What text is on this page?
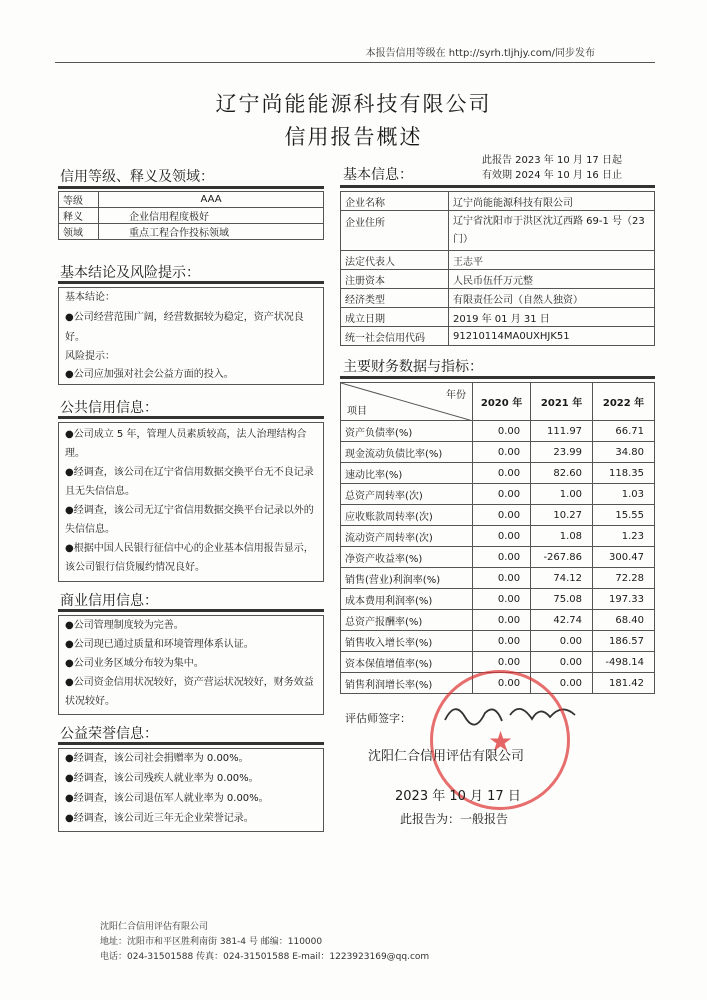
本报告信用等级在 http://syrh.tljhjy.com/同步发布
辽宁尚能能源科技有限公司
信用报告概述
信用等级、释义及领域：
等级	AAA
释义	企业信用程度极好
领域	重点工程合作投标领域
基本结论及风险提示：
基本结论：
●公司经营范围广阔，经营数据较为稳定，资产状况良好。
风险提示：
●公司应加强对社会公益方面的投入。
公共信用信息：
●公司成立 5 年，管理人员素质较高，法人治理结构合理。
●经调查，该公司在辽宁省信用数据交换平台无不良记录且无失信信息。
●经调查，该公司无辽宁省信用数据交换平台记录以外的失信信息。
●根据中国人民银行征信中心的企业基本信用报告显示，该公司银行信贷履约情况良好。
商业信用信息：
●公司管理制度较为完善。
●公司现已通过质量和环境管理体系认证。
●公司业务区域分布较为集中。
●公司资金信用状况较好，资产营运状况较好，财务效益状况较好。
公益荣誉信息：
●经调查，该公司社会捐赠率为 0.00%。
●经调查，该公司残疾人就业率为 0.00%。
●经调查，该公司退伍军人就业率为 0.00%。
●经调查，该公司近三年无企业荣誉记录。
基本信息：
此报告 2023 年 10 月 17 日起
有效期 2024 年 10 月 16 日止
企业名称	辽宁尚能能源科技有限公司
企业住所	辽宁省沈阳市于洪区沈辽西路 69-1 号（23 门）
法定代表人	王志平
注册资本	人民币伍仟万元整
经济类型	有限责任公司（自然人独资）
成立日期	2019 年 01 月 31 日
统一社会信用代码	91210114MA0UXHJK51
主要财务数据与指标：
年份
项目	2020 年	2021 年	2022 年
资产负债率(%)	0.00	111.97	66.71
现金流动负债比率(%)	0.00	23.99	34.80
速动比率(%)	0.00	82.60	118.35
总资产周转率(次)	0.00	1.00	1.03
应收账款周转率(次)	0.00	10.27	15.55
流动资产周转率(次)	0.00	1.08	1.23
净资产收益率(%)	0.00	-267.86	300.47
销售(营业)利润率(%)	0.00	74.12	72.28
成本费用利润率(%)	0.00	75.08	197.33
总资产报酬率(%)	0.00	42.74	68.40
销售收入增长率(%)	0.00	0.00	186.57
资本保值增值率(%)	0.00	0.00	-498.14
销售利润增长率(%)	0.00	0.00	181.42
评估师签字：
★
沈阳仁合信用评估有限公司
2023 年 10 月 17 日
此报告为：一般报告
沈阳仁合信用评估有限公司
地址：沈阳市和平区胜利南街 381-4 号 邮编：110000
电话：024-31501588 传真：024-31501588 E-mail：1223923169@qq.com
